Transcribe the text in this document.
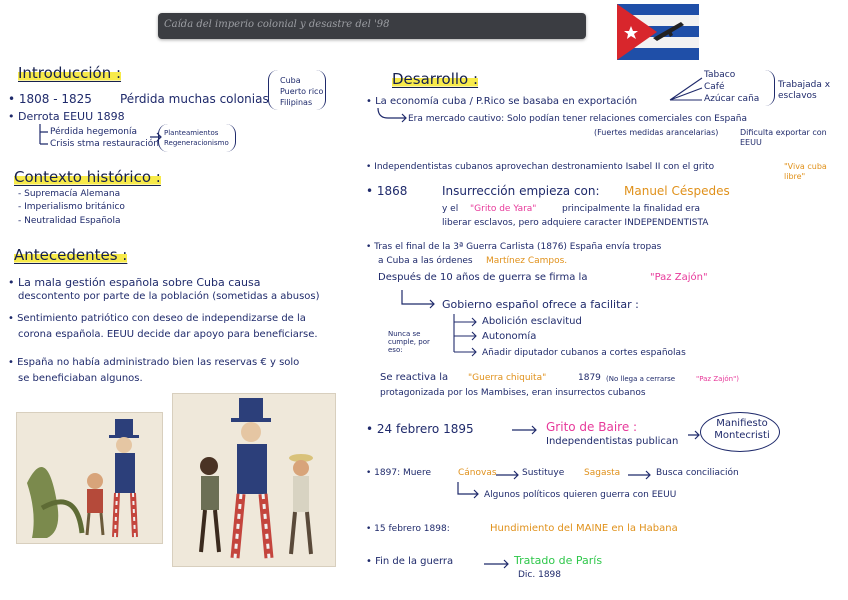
Caída del imperio colonial y desastre del '98
Introducción :
• 1808 - 1825 Pérdida muchas colonias
Cuba
Puerto rico
Filipinas
• Derrota EEUU 1898
Pérdida hegemonía
Crisis stma restauración
Planteamientos
Regeneracionismo
Contexto histórico :
- Supremacía Alemana
- Imperialismo británico
- Neutralidad Española
Antecedentes :
• La mala gestión española sobre Cuba causa
descontento por parte de la población (sometidas a abusos)
• Sentimiento patriótico con deseo de independizarse de la
corona española. EEUU decide dar apoyo para beneficiarse.
• España no había administrado bien las reservas € y solo
se beneficiaban algunos.
Desarrollo :	Tabaco
Café
Azúcar caña
Trabajada x esclavos
• La economía cuba / P.Rico se basaba en exportación
Era mercado cautivo: Solo podían tener relaciones comerciales con España
(Fuertes medidas arancelarias)	Dificulta exportar con EEUU
• Independentistas cubanos aprovechan destronamiento Isabel II con el grito	"Viva cuba libre"
• 1868	Insurrección empieza con: Manuel Céspedes
y el "Grito de Yara"	principalmente la finalidad era
liberar esclavos, pero adquiere caracter INDEPENDENTISTA
• Tras el final de la 3ª Guerra Carlista (1876) España envía tropas
a Cuba a las órdenes Martínez Campos.
Después de 10 años de guerra se firma la	"Paz Zajón"
Gobierno español ofrece a facilitar :
Nunca se cumple, por eso:
Abolición esclavitud
Autonomía
Añadir diputador cubanos a cortes españolas
Se reactiva la "Guerra chiquita"	1879 (No llega a cerrarse	"Paz Zajón")
protagonizada por los Mambises, eran insurrectos cubanos
• 24 febrero 1895	Grito de Baire :
Independentistas publican
Manifiesto Montecristi
• 1897: Muere	Cánovas	Sustituye Sagasta	Busca conciliación
Algunos políticos quieren guerra con EEUU
• 15 febrero 1898:	Hundimiento del MAINE en la Habana
• Fin de la guerra	Tratado de París
Dic. 1898
